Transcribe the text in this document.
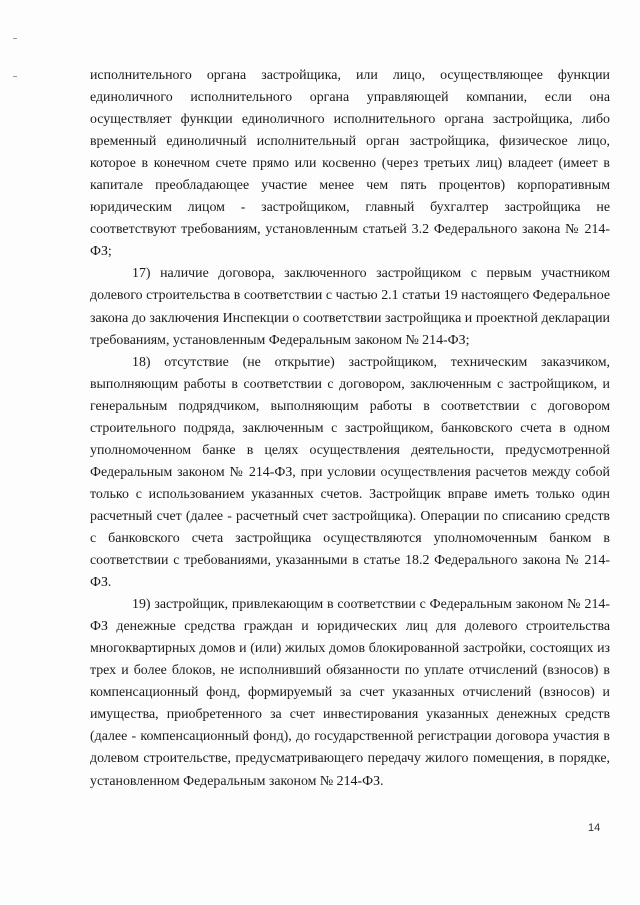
исполнительного органа застройщика, или лицо, осуществляющее функции единоличного исполнительного органа управляющей компании, если она осуществляет функции единоличного исполнительного органа застройщика, либо временный единоличный исполнительный орган застройщика, физическое лицо, которое в конечном счете прямо или косвенно (через третьих лиц) владеет (имеет в капитале преобладающее участие менее чем пять процентов) корпоративным юридическим лицом - застройщиком, главный бухгалтер застройщика не соответствуют требованиям, установленным статьей 3.2 Федерального закона № 214-ФЗ;

17) наличие договора, заключенного застройщиком с первым участником долевого строительства в соответствии с частью 2.1 статьи 19 настоящего Федеральное закона до заключения Инспекции о соответствии застройщика и проектной декларации требованиям, установленным Федеральным законом № 214-ФЗ;

18) отсутствие (не открытие) застройщиком, техническим заказчиком, выполняющим работы в соответствии с договором, заключенным с застройщиком, и генеральным подрядчиком, выполняющим работы в соответствии с договором строительного подряда, заключенным с застройщиком, банковского счета в одном уполномоченном банке в целях осуществления деятельности, предусмотренной Федеральным законом № 214-ФЗ, при условии осуществления расчетов между собой только с использованием указанных счетов. Застройщик вправе иметь только один расчетный счет (далее - расчетный счет застройщика). Операции по списанию средств с банковского счета застройщика осуществляются уполномоченным банком в соответствии с требованиями, указанными в статье 18.2 Федерального закона № 214-ФЗ.

19) застройщик, привлекающим в соответствии с Федеральным законом № 214-ФЗ денежные средства граждан и юридических лиц для долевого строительства многоквартирных домов и (или) жилых домов блокированной застройки, состоящих из трех и более блоков, не исполнивший обязанности по уплате отчислений (взносов) в компенсационный фонд, формируемый за счет указанных отчислений (взносов) и имущества, приобретенного за счет инвестирования указанных денежных средств (далее - компенсационный фонд), до государственной регистрации договора участия в долевом строительстве, предусматривающего передачу жилого помещения, в порядке, установленном Федеральным законом № 214-ФЗ.

14
